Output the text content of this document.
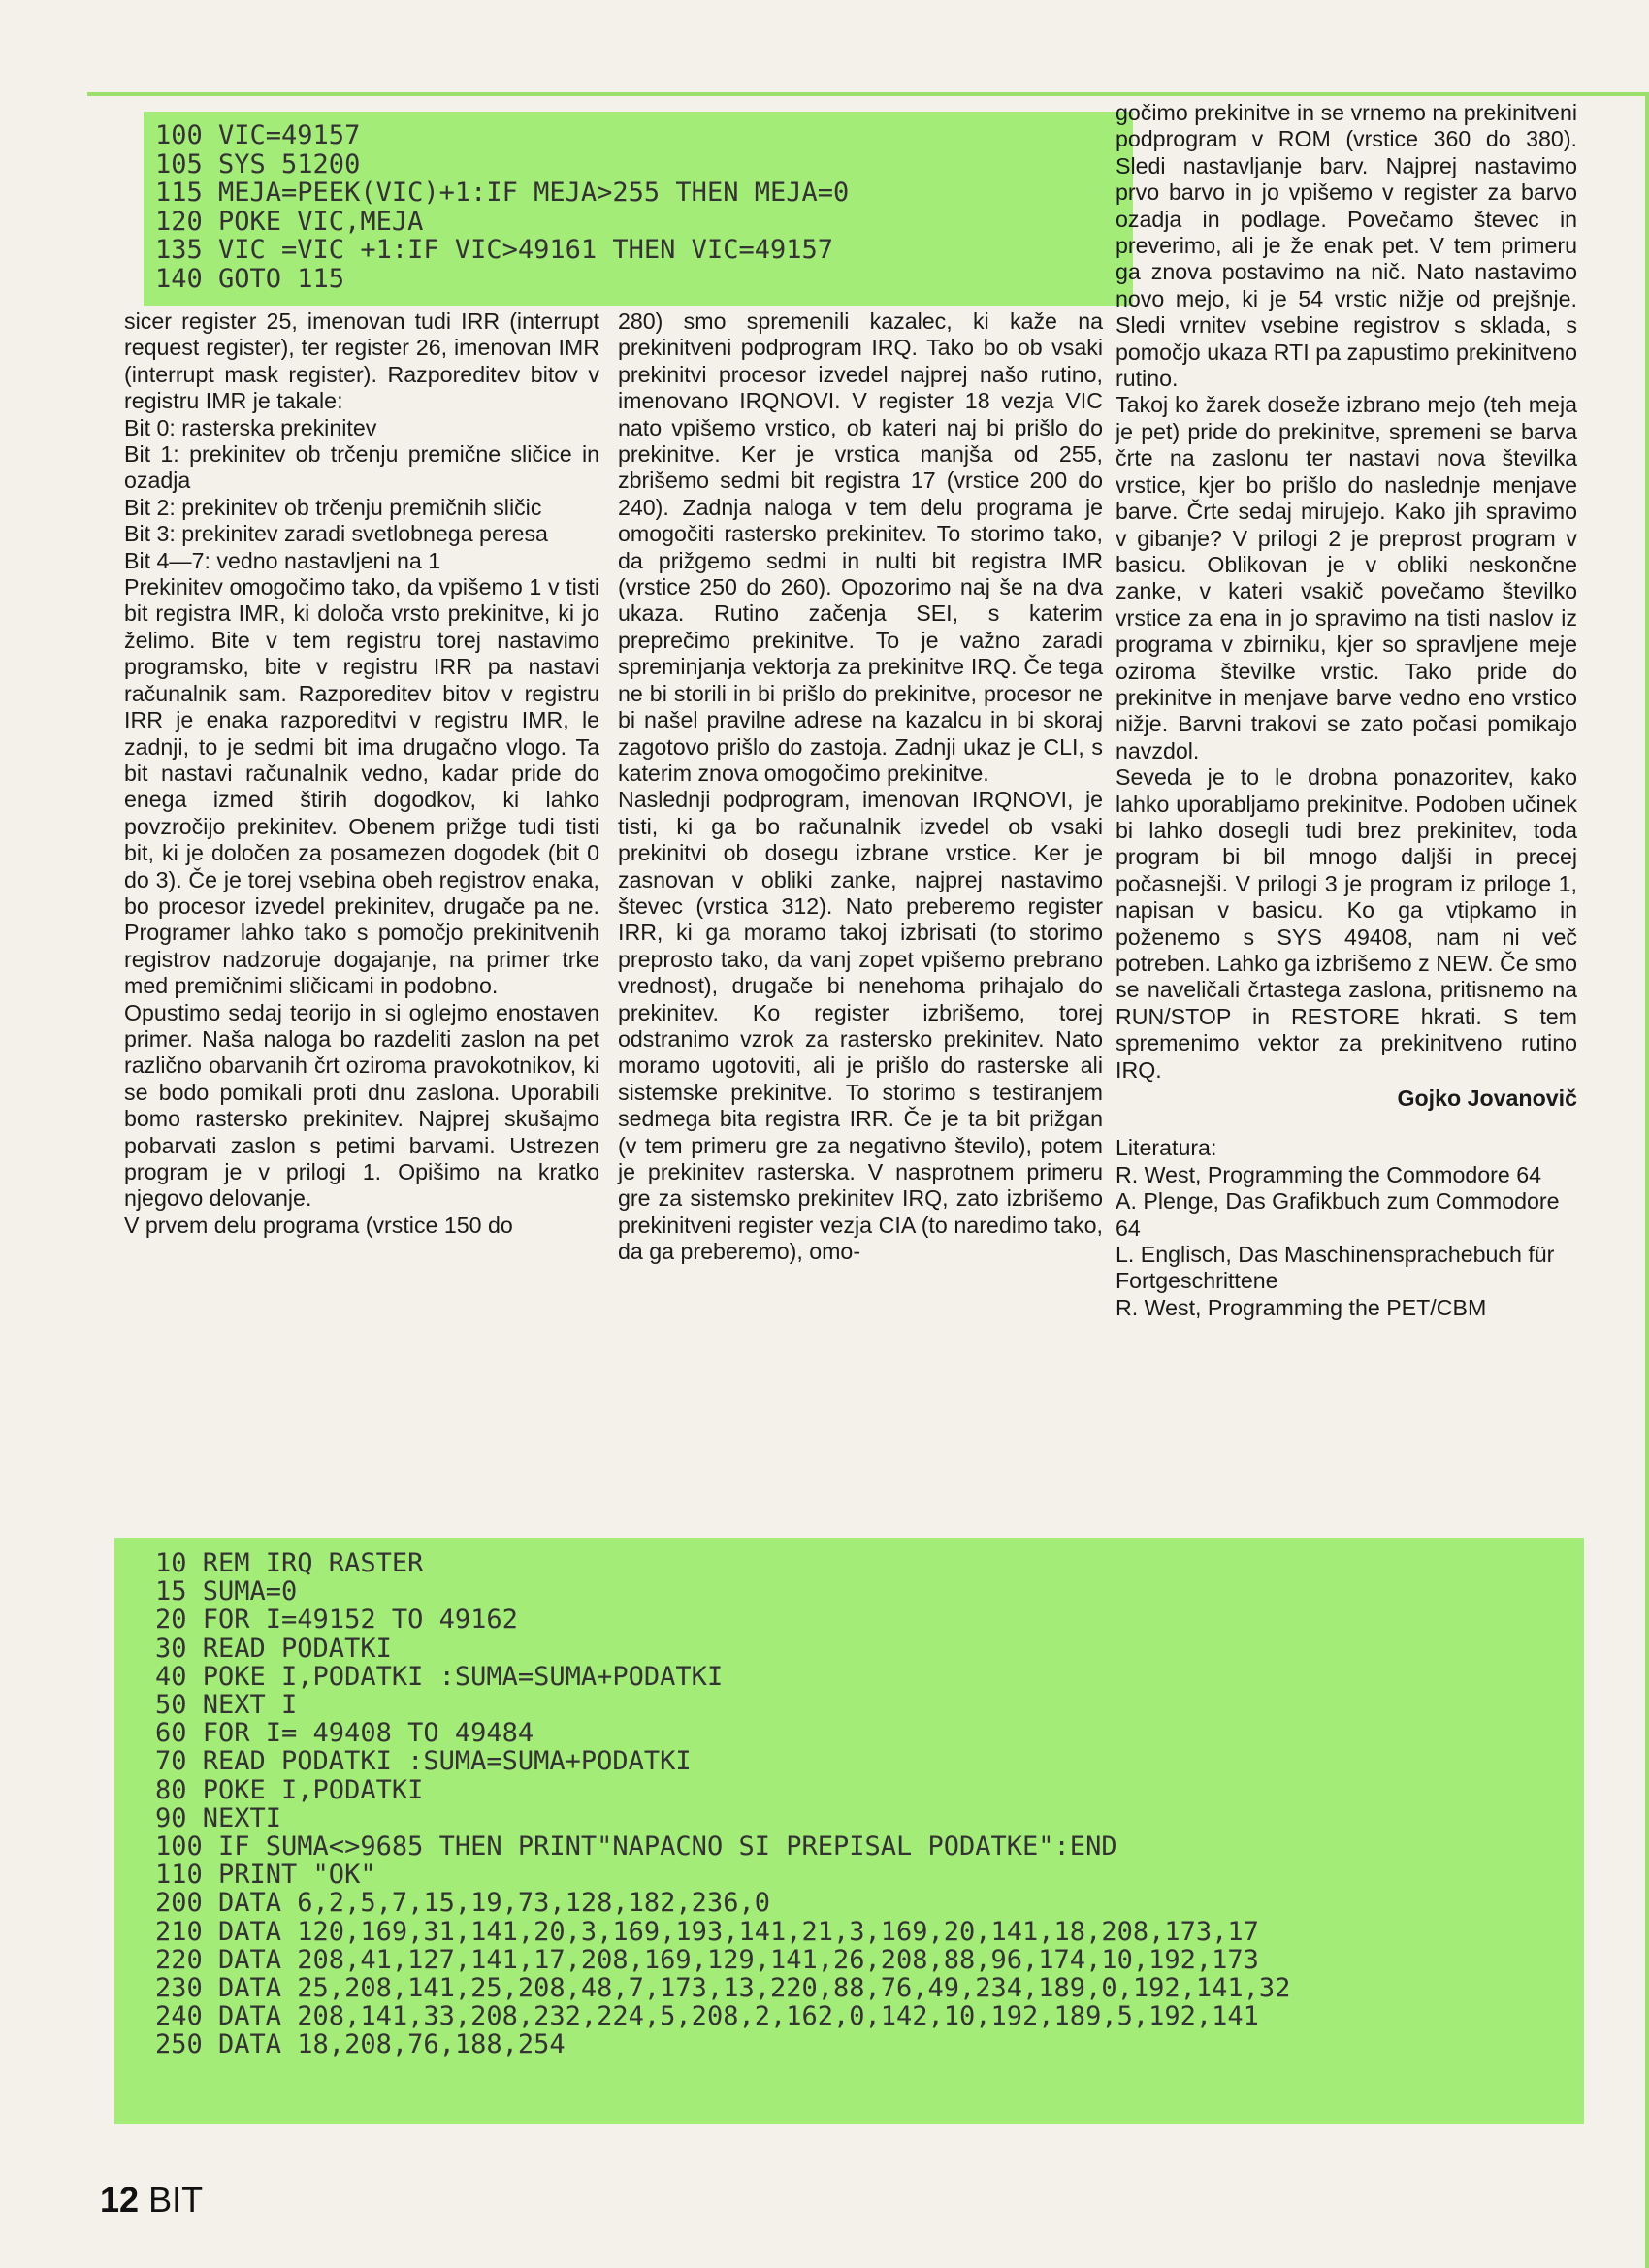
100 VIC=49157
105 SYS 51200
115 MEJA=PEEK(VIC)+1:IF MEJA>255 THEN MEJA=0
120 POKE VIC,MEJA
135 VIC =VIC +1:IF VIC>49161 THEN VIC=49157
140 GOTO 115

sicer register 25, imenovan tudi IRR (interrupt request register), ter register 26, imenovan IMR (interrupt mask register). Razporeditev bitov v registru IMR je takale:

Bit 0: rasterska prekinitev

Bit 1: prekinitev ob trčenju premične sličice in ozadja

Bit 2: prekinitev ob trčenju premičnih sličic

Bit 3: prekinitev zaradi svetlobnega peresa

Bit 4—7: vedno nastavljeni na 1

Prekinitev omogočimo tako, da vpišemo 1 v tisti bit registra IMR, ki določa vrsto prekinitve, ki jo želimo. Bite v tem registru torej nastavimo programsko, bite v registru IRR pa nastavi računalnik sam. Razporeditev bitov v registru IRR je enaka razporeditvi v registru IMR, le zadnji, to je sedmi bit ima drugačno vlogo. Ta bit nastavi računalnik vedno, kadar pride do enega izmed štirih dogodkov, ki lahko povzročijo prekinitev. Obenem prižge tudi tisti bit, ki je določen za posamezen dogodek (bit 0 do 3). Če je torej vsebina obeh registrov enaka, bo procesor izvedel prekinitev, drugače pa ne. Programer lahko tako s pomočjo prekinitvenih registrov nadzoruje dogajanje, na primer trke med premičnimi sličicami in podobno.

Opustimo sedaj teorijo in si oglejmo enostaven primer. Naša naloga bo razdeliti zaslon na pet različno obarvanih črt oziroma pravokotnikov, ki se bodo pomikali proti dnu zaslona. Uporabili bomo rastersko prekinitev. Najprej skušajmo pobarvati zaslon s petimi barvami. Ustrezen program je v prilogi 1. Opišimo na kratko njegovo delovanje.

V prvem delu programa (vrstice 150 do

280) smo spremenili kazalec, ki kaže na prekinitveni podprogram IRQ. Tako bo ob vsaki prekinitvi procesor izvedel najprej našo rutino, imenovano IRQNOVI. V register 18 vezja VIC nato vpišemo vrstico, ob kateri naj bi prišlo do prekinitve. Ker je vrstica manjša od 255, zbrišemo sedmi bit registra 17 (vrstice 200 do 240). Zadnja naloga v tem delu programa je omogočiti rastersko prekinitev. To storimo tako, da prižgemo sedmi in nulti bit registra IMR (vrstice 250 do 260). Opozorimo naj še na dva ukaza. Rutino začenja SEI, s katerim preprečimo prekinitve. To je važno zaradi spreminjanja vektorja za prekinitve IRQ. Če tega ne bi storili in bi prišlo do prekinitve, procesor ne bi našel pravilne adrese na kazalcu in bi skoraj zagotovo prišlo do zastoja. Zadnji ukaz je CLI, s katerim znova omogočimo prekinitve.

Naslednji podprogram, imenovan IRQNOVI, je tisti, ki ga bo računalnik izvedel ob vsaki prekinitvi ob dosegu izbrane vrstice. Ker je zasnovan v obliki zanke, najprej nastavimo števec (vrstica 312). Nato preberemo register IRR, ki ga moramo takoj izbrisati (to storimo preprosto tako, da vanj zopet vpišemo prebrano vrednost), drugače bi nenehoma prihajalo do prekinitev. Ko register izbrišemo, torej odstranimo vzrok za rastersko prekinitev. Nato moramo ugotoviti, ali je prišlo do rasterske ali sistemske prekinitve. To storimo s testiranjem sedmega bita registra IRR. Če je ta bit prižgan (v tem primeru gre za negativno število), potem je prekinitev rasterska. V nasprotnem primeru gre za sistemsko prekinitev IRQ, zato izbrišemo prekinitveni register vezja CIA (to naredimo tako, da ga preberemo), omo-

gočimo prekinitve in se vrnemo na prekinitveni podprogram v ROM (vrstice 360 do 380). Sledi nastavljanje barv. Najprej nastavimo prvo barvo in jo vpišemo v register za barvo ozadja in podlage. Povečamo števec in preverimo, ali je že enak pet. V tem primeru ga znova postavimo na nič. Nato nastavimo novo mejo, ki je 54 vrstic nižje od prejšnje. Sledi vrnitev vsebine registrov s sklada, s pomočjo ukaza RTI pa zapustimo prekinitveno rutino.

Takoj ko žarek doseže izbrano mejo (teh meja je pet) pride do prekinitve, spremeni se barva črte na zaslonu ter nastavi nova številka vrstice, kjer bo prišlo do naslednje menjave barve. Črte sedaj mirujejo. Kako jih spravimo v gibanje? V prilogi 2 je preprost program v basicu. Oblikovan je v obliki neskončne zanke, v kateri vsakič povečamo številko vrstice za ena in jo spravimo na tisti naslov iz programa v zbirniku, kjer so spravljene meje oziroma številke vrstic. Tako pride do prekinitve in menjave barve vedno eno vrstico nižje. Barvni trakovi se zato počasi pomikajo navzdol.

Seveda je to le drobna ponazoritev, kako lahko uporabljamo prekinitve. Podoben učinek bi lahko dosegli tudi brez prekinitev, toda program bi bil mnogo daljši in precej počasnejši. V prilogi 3 je program iz priloge 1, napisan v basicu. Ko ga vtipkamo in poženemo s SYS 49408, nam ni več potreben. Lahko ga izbrišemo z NEW. Če smo se naveličali črtastega zaslona, pritisnemo na RUN/STOP in RESTORE hkrati. S tem spremenimo vektor za prekinitveno rutino IRQ.

Gojko Jovanovič

Literatura:

R. West, Programming the Commodore 64

A. Plenge, Das Grafikbuch zum Commodore 64

L. Englisch, Das Maschinensprachebuch für Fortgeschrittene

R. West, Programming the PET/CBM

10 REM IRQ RASTER
15 SUMA=0
20 FOR I=49152 TO 49162
30 READ PODATKI
40 POKE I,PODATKI :SUMA=SUMA+PODATKI
50 NEXT I
60 FOR I= 49408 TO 49484
70 READ PODATKI :SUMA=SUMA+PODATKI
80 POKE I,PODATKI
90 NEXTI
100 IF SUMA<>9685 THEN PRINT"NAPACNO SI PREPISAL PODATKE":END
110 PRINT "OK"
200 DATA 6,2,5,7,15,19,73,128,182,236,0
210 DATA 120,169,31,141,20,3,169,193,141,21,3,169,20,141,18,208,173,17
220 DATA 208,41,127,141,17,208,169,129,141,26,208,88,96,174,10,192,173
230 DATA 25,208,141,25,208,48,7,173,13,220,88,76,49,234,189,0,192,141,32
240 DATA 208,141,33,208,232,224,5,208,2,162,0,142,10,192,189,5,192,141
250 DATA 18,208,76,188,254
12 BIT
